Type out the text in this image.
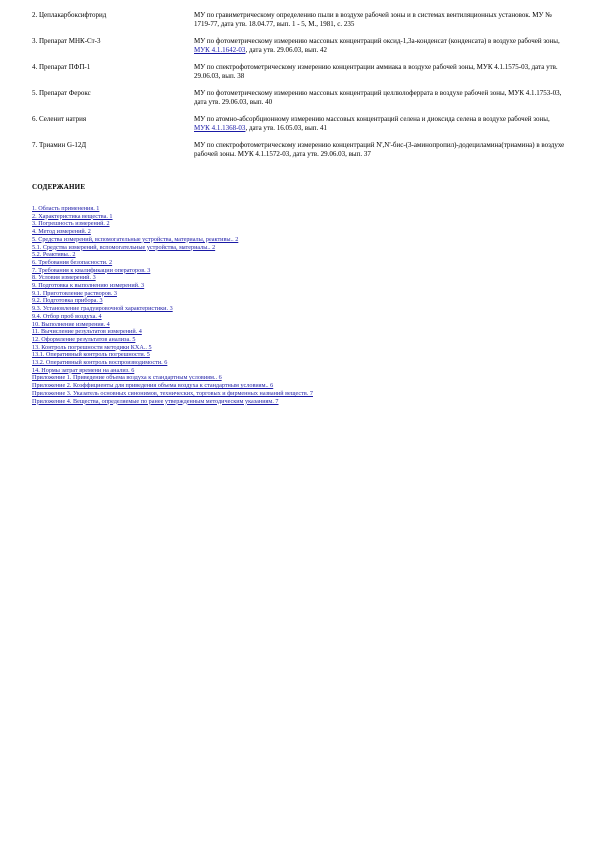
2. Цеплакарбоксифторид	МУ по гравиметрическому определению пыли в воздухе рабочей зоны и в системах вентиляционных установок. МУ № 1719-77, дата утв. 18.04.77, вып. 1 - 5, М., 1981, с. 235
3. Препарат МНК-Ст-3	МУ по фотометрическому измерению массовых концентраций оксид-1,3а-конденсат (конденсата) в воздухе рабочей зоны, МУК 4.1.1642-03, дата утв. 29.06.03, вып. 42
4. Препарат ПФП-1	МУ по спектрофотометрическому измерению концентрации аммиака в воздухе рабочей зоны, МУК 4.1.1575-03, дата утв. 29.06.03, вып. 38
5. Препарат Ферокс	МУ по фотометрическому измерению массовых концентраций целлюлоферрата в воздухе рабочей зоны, МУК 4.1.1753-03, дата утв. 29.06.03, вып. 40
6. Селенит натрия	МУ по атомно-абсорбционному измерению массовых концентраций селена и диоксида селена в воздухе рабочей зоны, МУК 4.1.1368-03, дата утв. 16.05.03, вып. 41
7. Триамин G-12Д	МУ по спектрофотометрическому измерению концентраций N',N'-бис-(3-аминопропил)-додециламина(триамина) в воздухе рабочей зоны. МУК 4.1.1572-03, дата утв. 29.06.03, вып. 37
СОДЕРЖАНИЕ
1. Область применения. 1
2. Характеристика вещества. 1
3. Погрешность измерений. 2
4. Метод измерений. 2
5. Средства измерений, вспомогательные устройства, материалы, реактивы.. 2
5.1. Средства измерений, вспомогательные устройства, материалы.. 2
5.2. Реактивы.. 2
6. Требования безопасности. 2
7. Требования к квалификации операторов. 3
8. Условия измерений. 3
9. Подготовка к выполнению измерений. 3
9.1. Приготовление растворов. 3
9.2. Подготовка прибора. 3
9.3. Установление градуировочной характеристики. 3
9.4. Отбор проб воздуха. 4
10. Выполнение измерения. 4
11. Вычисление результатов измерений. 4
12. Оформление результатов анализа. 5
13. Контроль погрешности методики КХА.. 5
13.1. Оперативный контроль погрешности. 5
13.2. Оперативный контроль воспроизводимости. 6
14. Нормы затрат времени на анализ. 6
Приложение 1. Приведение объема воздуха к стандартным условиям.. 6
Приложение 2. Коэффициенты для приведения объема воздуха к стандартным условиям.. 6
Приложение 3. Указатель основных синонимов, технических, торговых и фирменных названий веществ. 7
Приложение 4. Вещества, определяемые по ранее утвержденным методическим указаниям. 7
